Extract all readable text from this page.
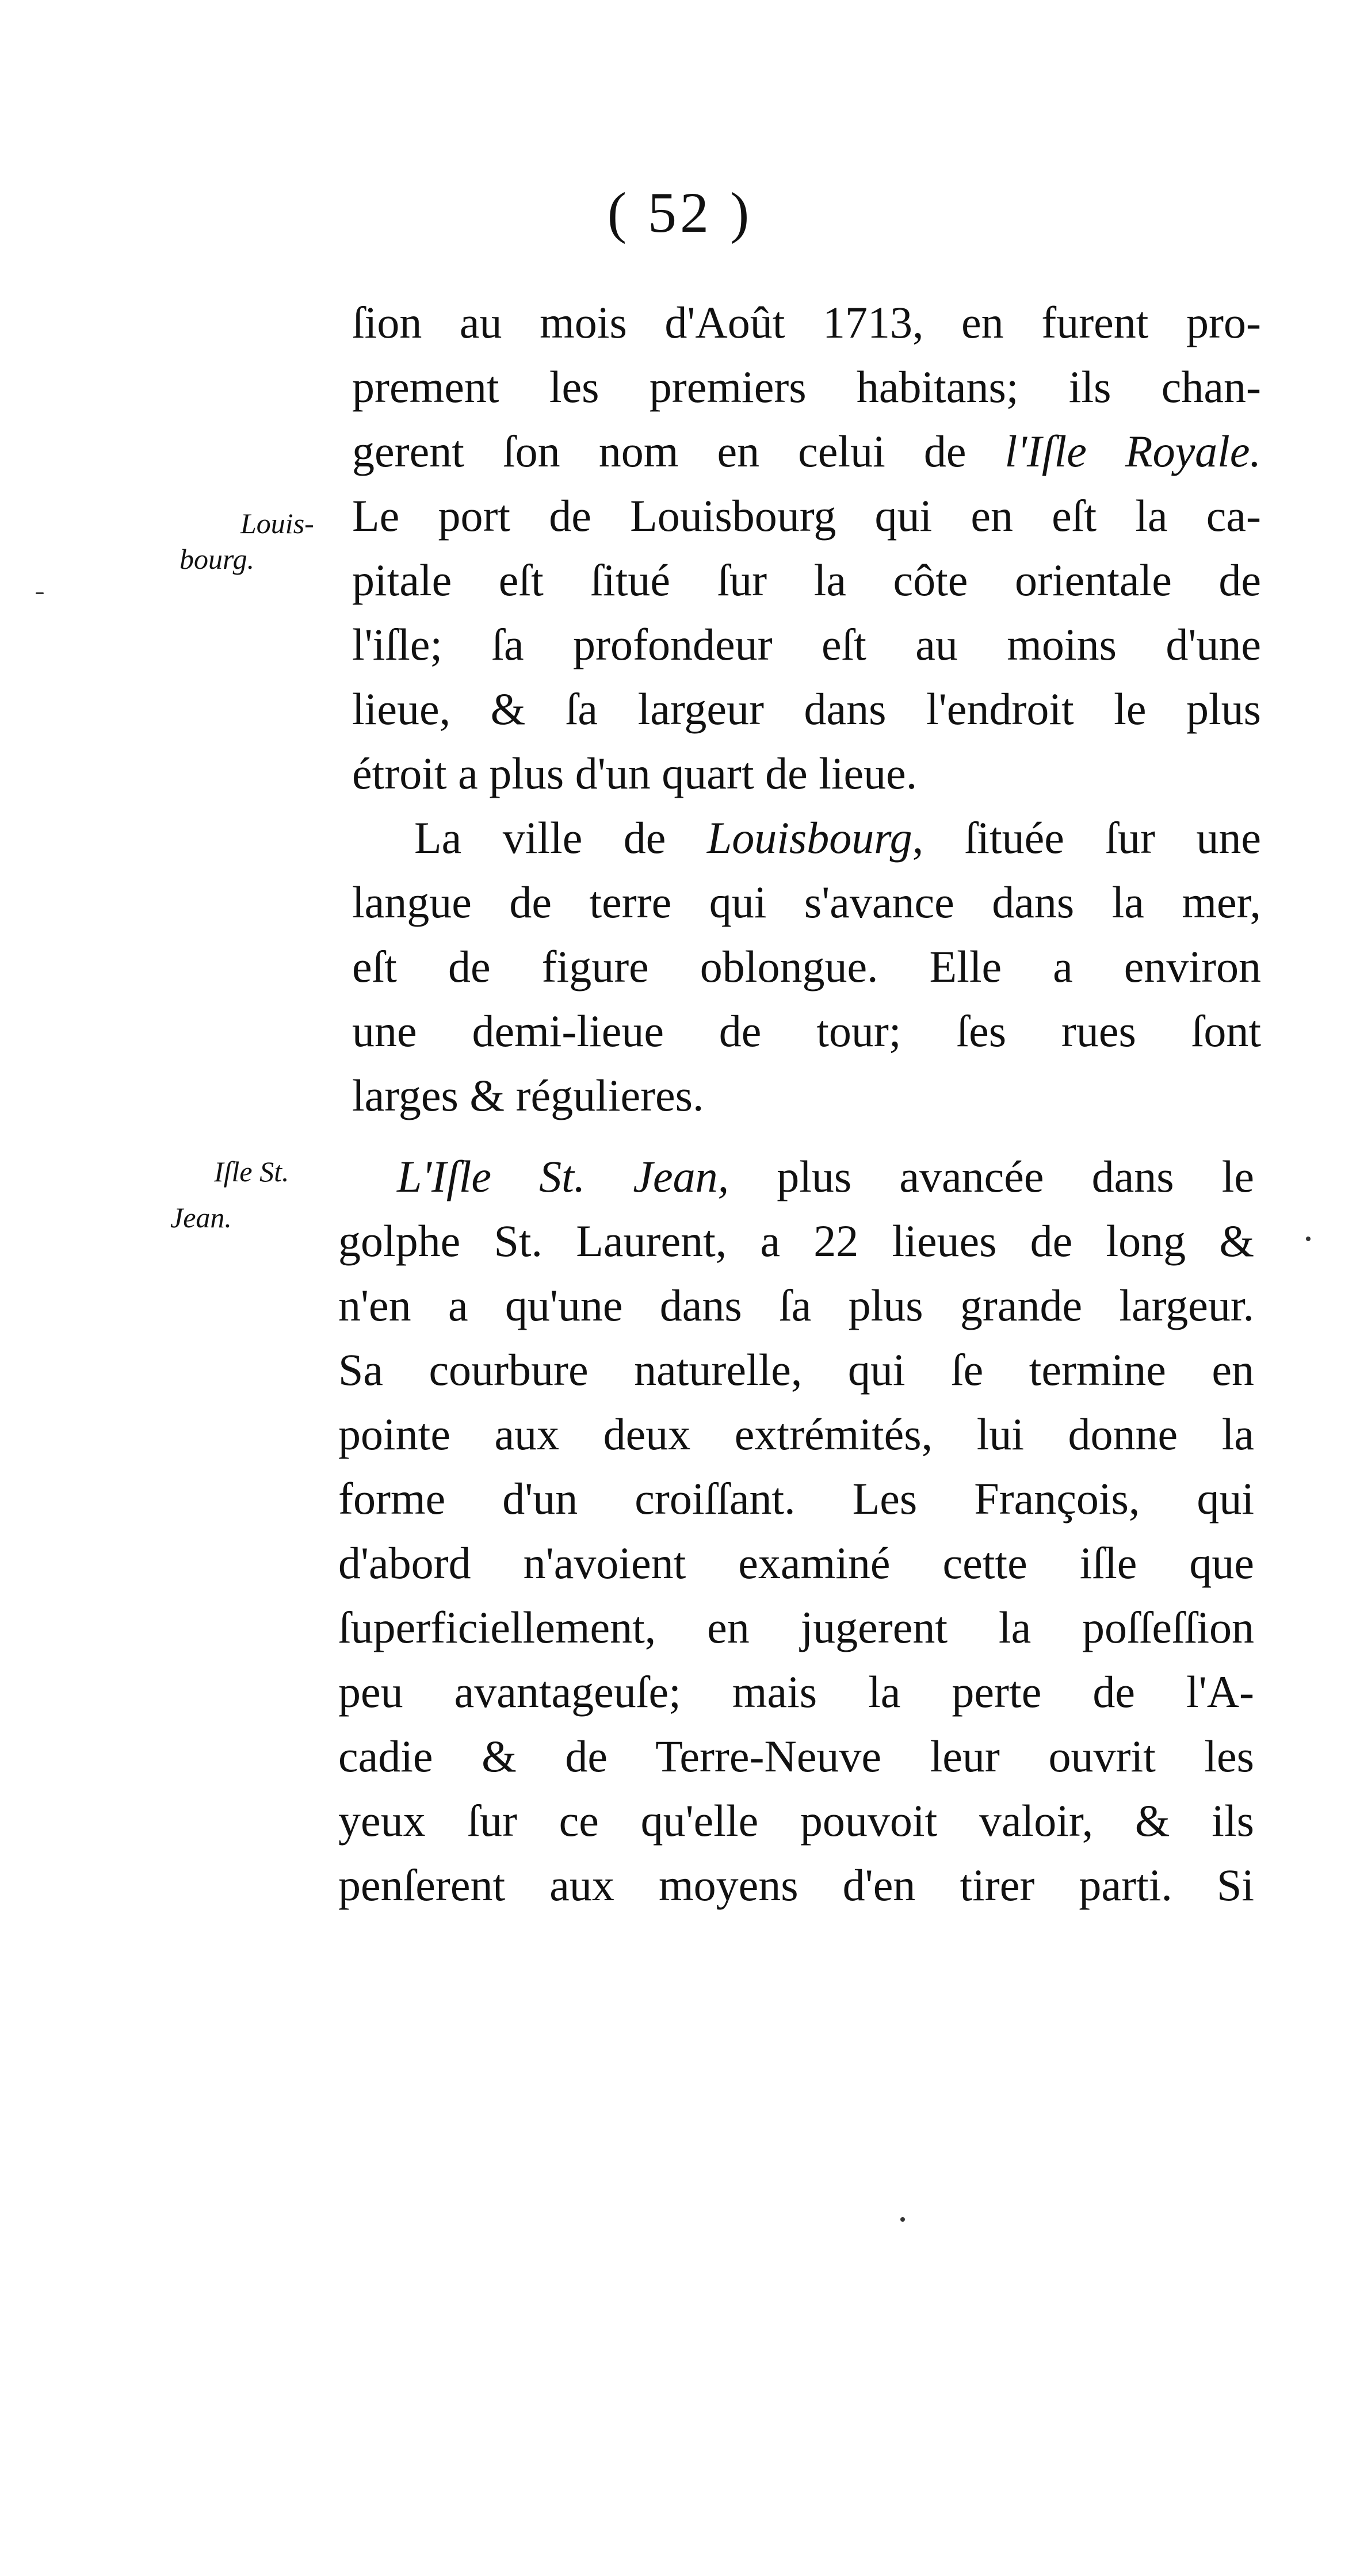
( 52 )
ſion au mois d'Août 1713, en furent pro-
prement les premiers habitans; ils chan-
gerent ſon nom en celui de l'Iſle Royale.
Le port de Louisbourg qui en eſt la ca-
pitale eſt ſitué ſur la côte orientale de
l'iſle; ſa profondeur eſt au moins d'une
lieue, & ſa largeur dans l'endroit le plus
étroit a plus d'un quart de lieue.
La ville de Louisbourg, ſituée ſur une
langue de terre qui s'avance dans la mer,
eſt de figure oblongue. Elle a environ
une demi-lieue de tour; ſes rues ſont
larges & régulieres.
L'Iſle St. Jean, plus avancée dans le
golphe St. Laurent, a 22 lieues de long &
n'en a qu'une dans ſa plus grande largeur.
Sa courbure naturelle, qui ſe termine en
pointe aux deux extrémités, lui donne la
forme d'un croiſſant. Les François, qui
d'abord n'avoient examiné cette iſle que
ſuperficiellement, en jugerent la poſſeſſion
peu avantageuſe; mais la perte de l'A-
cadie & de Terre-Neuve leur ouvrit les
yeux ſur ce qu'elle pouvoit valoir, & ils
penſerent aux moyens d'en tirer parti. Si
Louis-
bourg.
Iſle St.
Jean.
